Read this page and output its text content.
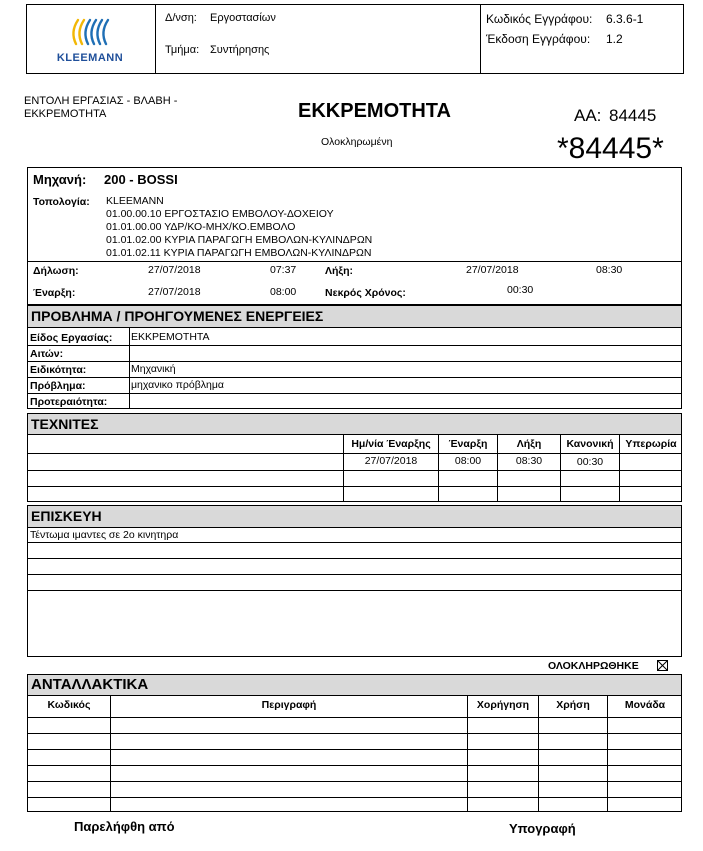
KLEEMANN
Δ/νση: Εργοστασίων
Τμήμα: Συντήρησης
Κωδικός Εγγράφου: 6.3.6-1
Έκδοση Εγγράφου: 1.2
ΕΝΤΟΛΗ ΕΡΓΑΣΙΑΣ - ΒΛΑΒΗ - ΕΚΚΡΕΜΟΤΗΤΑ	ΕΚΚΡΕΜΟΤΗΤΑ
Ολοκληρωμένη
ΑΑ: 84445
*84445*
Μηχανή: 200 - BOSSI
Τοπολογία: KLEEMANN
01.00.00.10 ΕΡΓΟΣΤΑΣΙΟ ΕΜΒΟΛΟΥ-ΔΟΧΕΙΟΥ
01.01.00.00 ΥΔΡ/ΚΟ-ΜΗΧ/ΚΟ.ΕΜΒΟΛΟ
01.01.02.00 ΚΥΡΙΑ ΠΑΡΑΓΩΓΗ ΕΜΒΟΛΩΝ-ΚΥΛΙΝΔΡΩΝ
01.01.02.11 ΚΥΡΙΑ ΠΑΡΑΓΩΓΗ ΕΜΒΟΛΩΝ-ΚΥΛΙΝΔΡΩΝ
Δήλωση:	27/07/2018	07:37	Λήξη:	27/07/2018	08:30
Έναρξη:	27/07/2018	08:00	Νεκρός Χρόνος:	00:30
ΠΡΟΒΛΗΜΑ / ΠΡΟΗΓΟΥΜΕΝΕΣ ΕΝΕΡΓΕΙΕΣ
Είδος Εργασίας: ΕΚΚΡΕΜΟΤΗΤΑ
Αιτών:
Ειδικότητα:	Μηχανική
Πρόβλημα:	μηχανικο πρόβλημα
Προτεραιότητα:
ΤΕΧΝΙΤΕΣ
Ημ/νία Έναρξης	Έναρξη	Λήξη	Κανονική	Υπερωρία
27/07/2018	08:00	08:30	00:30
ΕΠΙΣΚΕΥΗ
Τέντωμα ιμαντες σε 2ο κινητηρα
ΟΛΟΚΛΗΡΩΘΗΚΕ
ΑΝΤΑΛΛΑΚΤΙΚΑ
Κωδικός	Περιγραφή	Χορήγηση	Χρήση	Μονάδα
Παρελήφθη από	Υπογραφή
